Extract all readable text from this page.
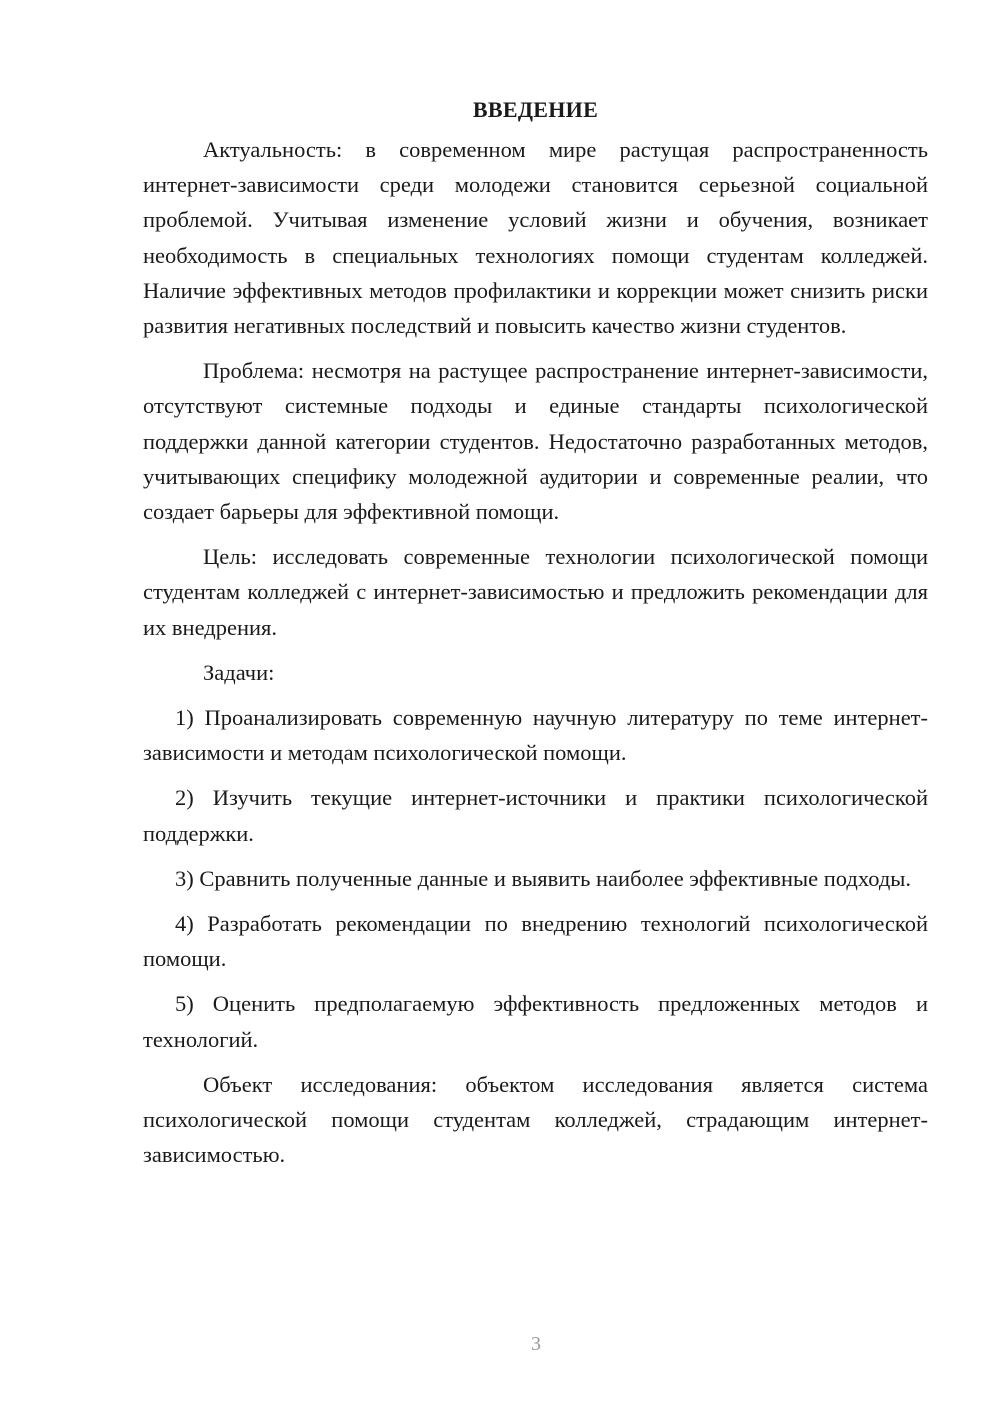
ВВЕДЕНИЕ

Актуальность: в современном мире растущая распространенность интернет-зависимости среди молодежи становится серьезной социальной проблемой. Учитывая изменение условий жизни и обучения, возникает необходимость в специальных технологиях помощи студентам колледжей. Наличие эффективных методов профилактики и коррекции может снизить риски развития негативных последствий и повысить качество жизни студентов.

Проблема: несмотря на растущее распространение интернет-зависимости, отсутствуют системные подходы и единые стандарты психологической поддержки данной категории студентов. Недостаточно разработанных методов, учитывающих специфику молодежной аудитории и современные реалии, что создает барьеры для эффективной помощи.

Цель: исследовать современные технологии психологической помощи студентам колледжей с интернет-зависимостью и предложить рекомендации для их внедрения.

Задачи:

1) Проанализировать современную научную литературу по теме интернет-зависимости и методам психологической помощи.

2) Изучить текущие интернет-источники и практики психологической поддержки.

3) Сравнить полученные данные и выявить наиболее эффективные подходы.

4) Разработать рекомендации по внедрению технологий психологической помощи.

5) Оценить предполагаемую эффективность предложенных методов и технологий.

Объект исследования: объектом исследования является система психологической помощи студентам колледжей, страдающим интернет-зависимостью.

3
